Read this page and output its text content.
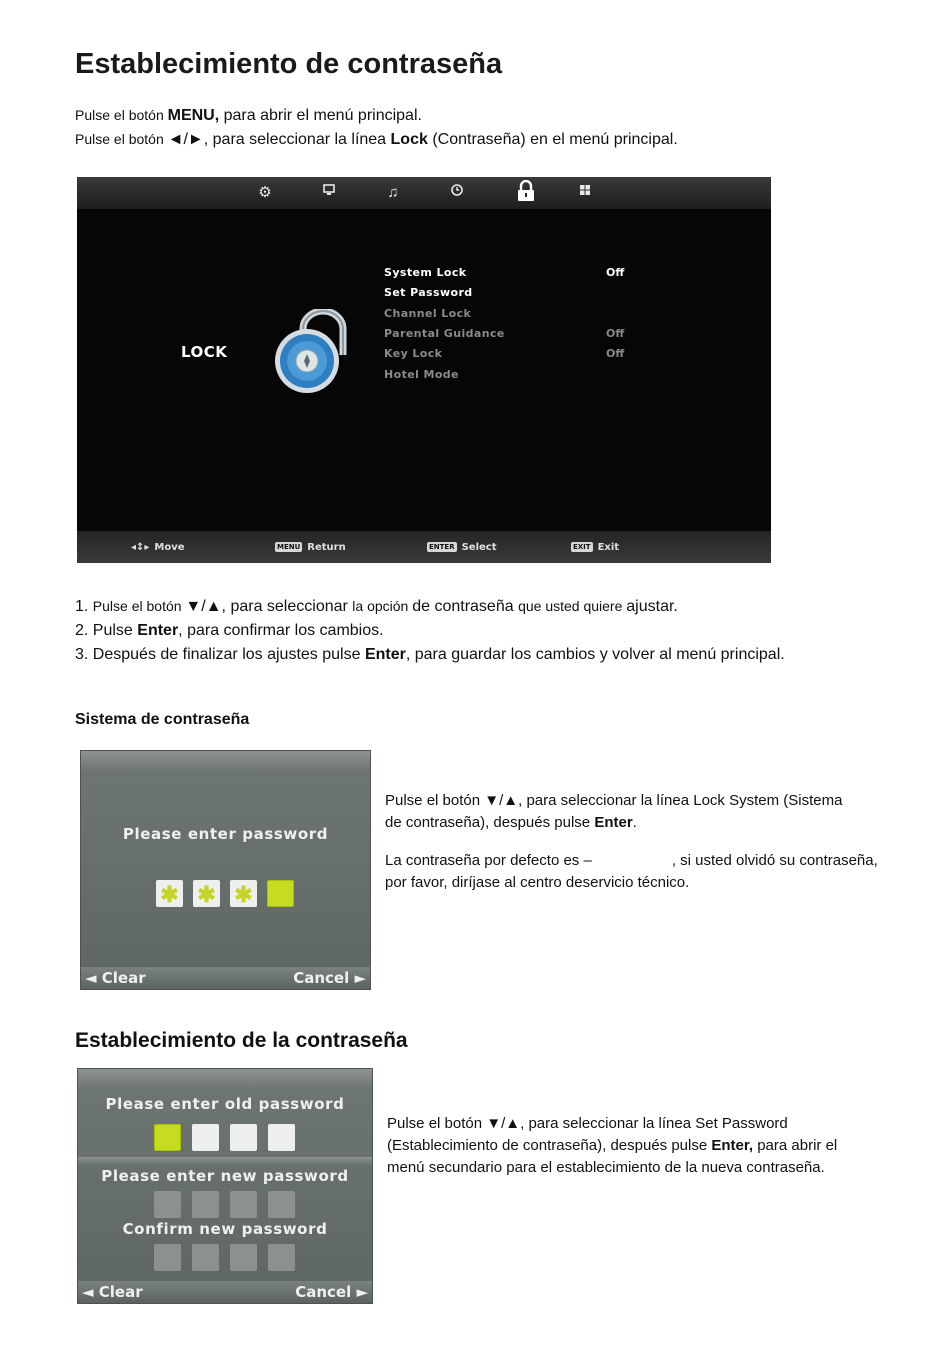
Establecimiento de contraseña
Pulse el botón MENU, para abrir el menú principal.
Pulse el botón ◄/►, para seleccionar la línea Lock (Contraseña) en el menú principal.
⚙	♫
LOCK
System Lock	Off
Set Password
Channel Lock
Parental Guidance	Off
Key Lock	Off
Hotel Mode
◂↕▸ Move	MENU Return	ENTER Select	EXIT Exit
1. Pulse el botón ▼/▲, para seleccionar la opción de contraseña que usted quiere ajustar.
2. Pulse Enter, para confirmar los cambios.
3. Después de finalizar los ajustes pulse Enter, para guardar los cambios y volver al menú principal.
Sistema de contraseña
Please enter password
✱ ✱ ✱
◄ Clear	Cancel ►
Pulse el botón ▼/▲, para seleccionar la línea Lock System (Sistema
de contraseña), después pulse Enter.
La contraseña por defecto es –	, si usted olvidó su contraseña,
por favor, diríjase al centro deservicio técnico.
Establecimiento de la contraseña
Please enter old password
Please enter new password
Confirm new password
◄ Clear	Cancel ►
Pulse el botón ▼/▲, para seleccionar la línea Set Password
(Establecimiento de contraseña), después pulse Enter, para abrir el
menú secundario para el establecimiento de la nueva contraseña.
